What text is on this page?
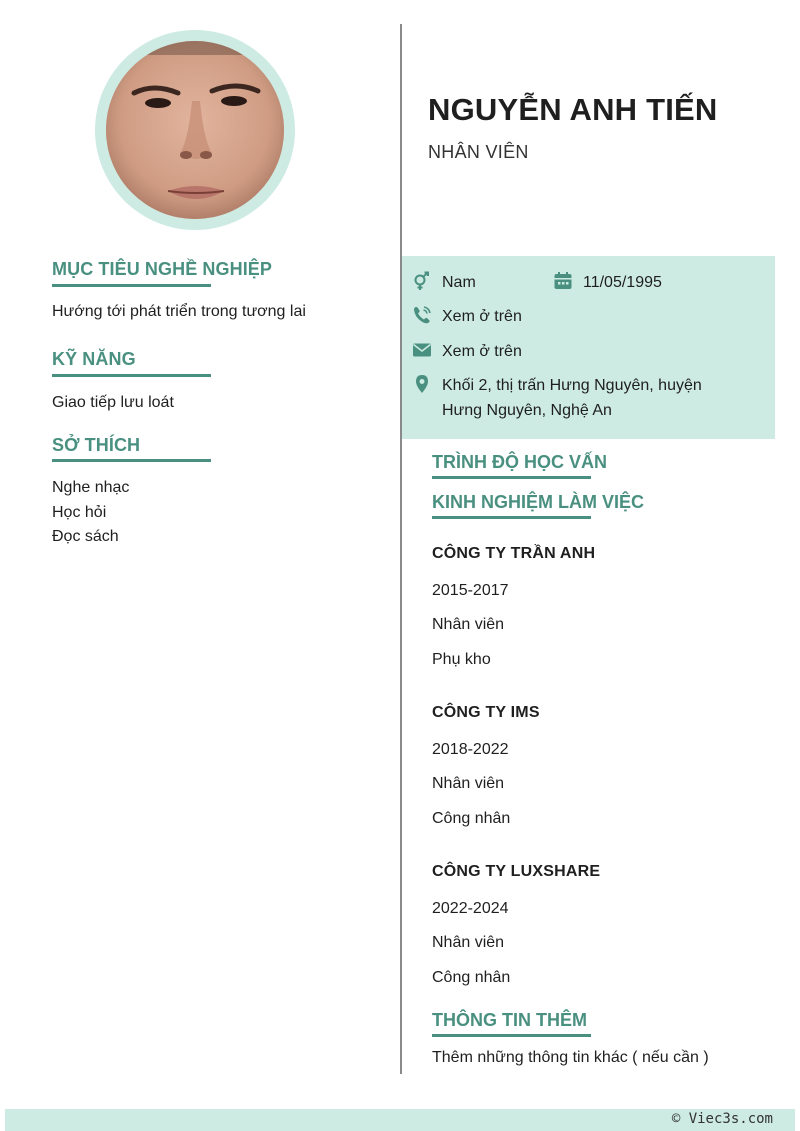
MỤC TIÊU NGHỀ NGHIỆP
Hướng tới phát triển trong tương lai
KỸ NĂNG
Giao tiếp lưu loát
SỞ THÍCH
Nghe nhạc
Học hỏi
Đọc sách
NGUYỄN ANH TIẾN
NHÂN VIÊN
Nam	11/05/1995
Xem ở trên
Xem ở trên
Khối 2, thị trấn Hưng Nguyên, huyện
Hưng Nguyên, Nghệ An
TRÌNH ĐỘ HỌC VẤN
KINH NGHIỆM LÀM VIỆC
CÔNG TY TRẦN ANH
2015-2017
Nhân viên
Phụ kho
CÔNG TY IMS
2018-2022
Nhân viên
Công nhân
CÔNG TY LUXSHARE
2022-2024
Nhân viên
Công nhân
THÔNG TIN THÊM
Thêm những thông tin khác ( nếu cần )
© Viec3s.com
